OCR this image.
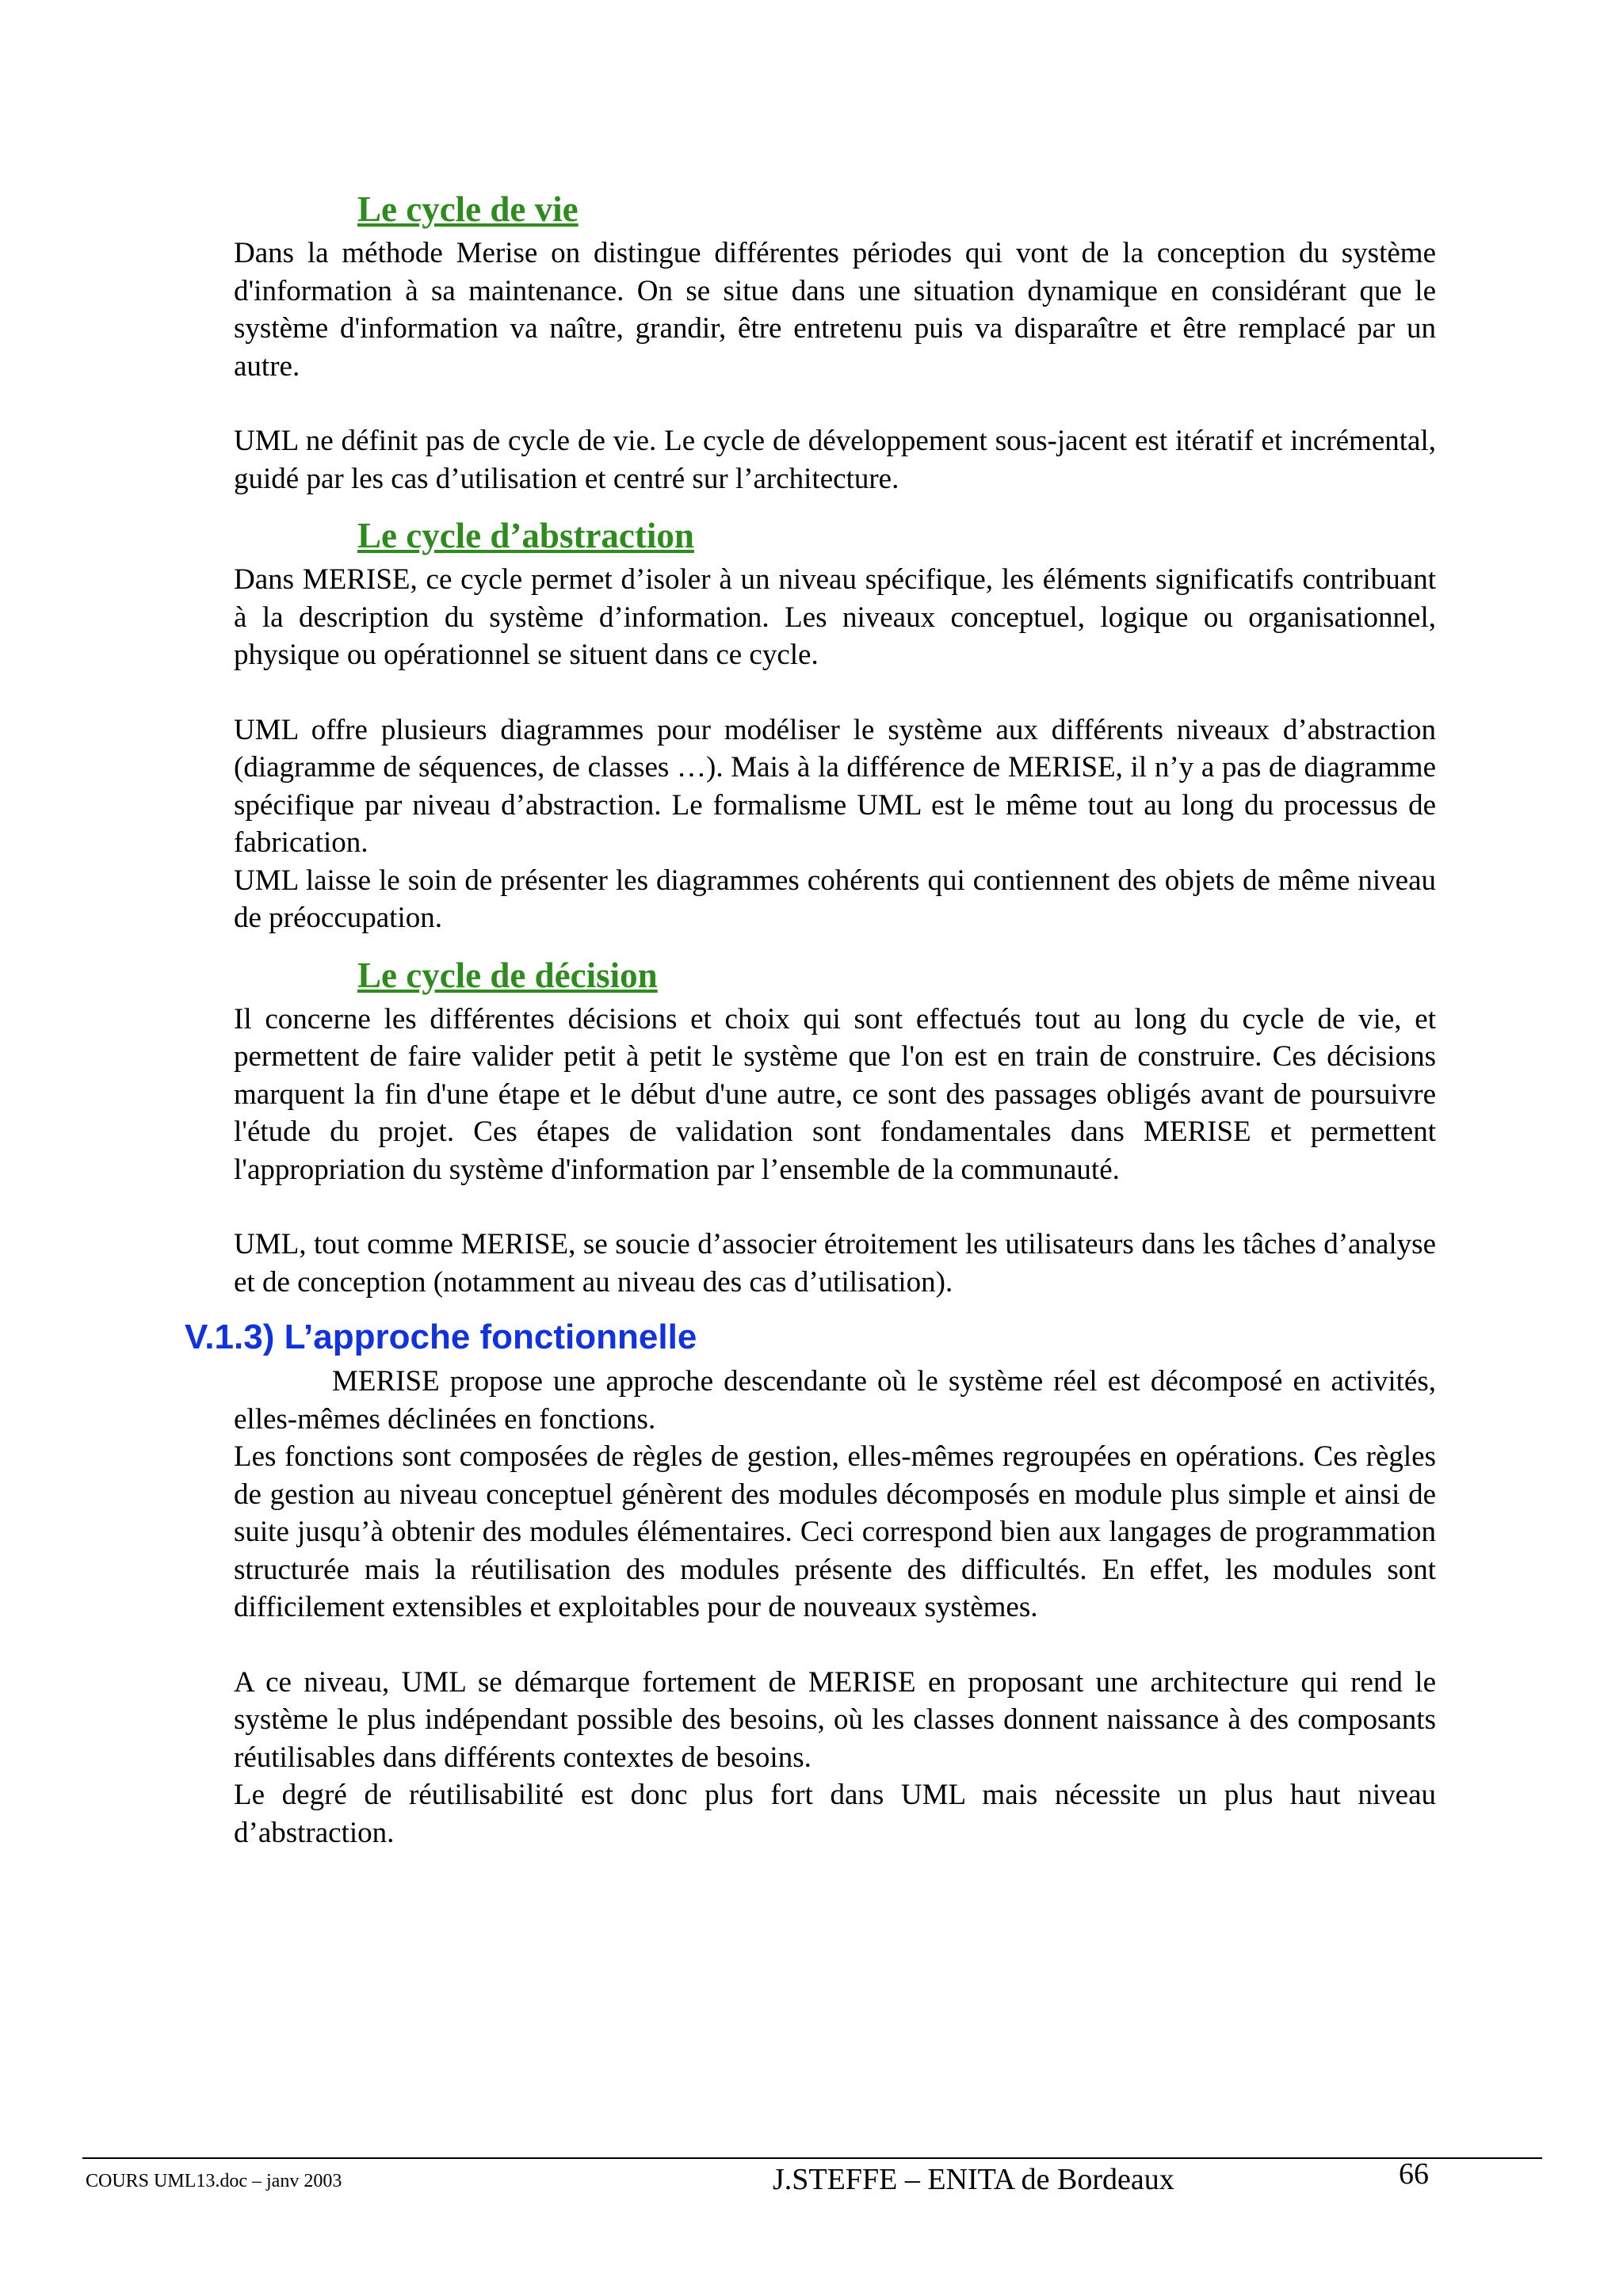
Le cycle de vie

Dans la méthode Merise on distingue différentes périodes qui vont de la conception du système d'information à sa maintenance. On se situe dans une situation dynamique en considérant que le système d'information va naître, grandir, être entretenu puis va disparaître et être remplacé par un autre.

UML ne définit pas de cycle de vie. Le cycle de développement sous-jacent est itératif et incrémental, guidé par les cas d’utilisation et centré sur l’architecture.

Le cycle d’abstraction

Dans MERISE, ce cycle permet d’isoler à un niveau spécifique, les éléments significatifs contribuant à la description du système d’information. Les niveaux conceptuel, logique ou organisationnel, physique ou opérationnel se situent dans ce cycle.

UML offre plusieurs diagrammes pour modéliser le système aux différents niveaux d’abstraction (diagramme de séquences, de classes …). Mais à la différence de MERISE, il n’y a pas de diagramme spécifique par niveau d’abstraction. Le formalisme UML est le même tout au long du processus de fabrication.

UML laisse le soin de présenter les diagrammes cohérents qui contiennent des objets de même niveau de préoccupation.

Le cycle de décision

Il concerne les différentes décisions et choix qui sont effectués tout au long du cycle de vie, et permettent de faire valider petit à petit le système que l'on est en train de construire. Ces décisions marquent la fin d'une étape et le début d'une autre, ce sont des passages obligés avant de poursuivre l'étude du projet. Ces étapes de validation sont fondamentales dans MERISE et permettent l'appropriation du système d'information par l’ensemble de la communauté.

UML, tout comme MERISE, se soucie d’associer étroitement les utilisateurs dans les tâches d’analyse et de conception (notamment au niveau des cas d’utilisation).

V.1.3) L’approche fonctionnelle

MERISE propose une approche descendante où le système réel est décomposé en activités, elles-mêmes déclinées en fonctions.

Les fonctions sont composées de règles de gestion, elles-mêmes regroupées en opérations. Ces règles de gestion au niveau conceptuel génèrent des modules décomposés en module plus simple et ainsi de suite jusqu’à obtenir des modules élémentaires. Ceci correspond bien aux langages de programmation structurée mais la réutilisation des modules présente des difficultés. En effet, les modules sont difficilement extensibles et exploitables pour de nouveaux systèmes.

A ce niveau, UML se démarque fortement de MERISE en proposant une architecture qui rend le système le plus indépendant possible des besoins, où les classes donnent naissance à des composants réutilisables dans différents contextes de besoins.

Le degré de réutilisabilité est donc plus fort dans UML mais nécessite un plus haut niveau d’abstraction.

COURS UML13.doc – janv 2003	J.STEFFE – ENITA de Bordeaux	66
